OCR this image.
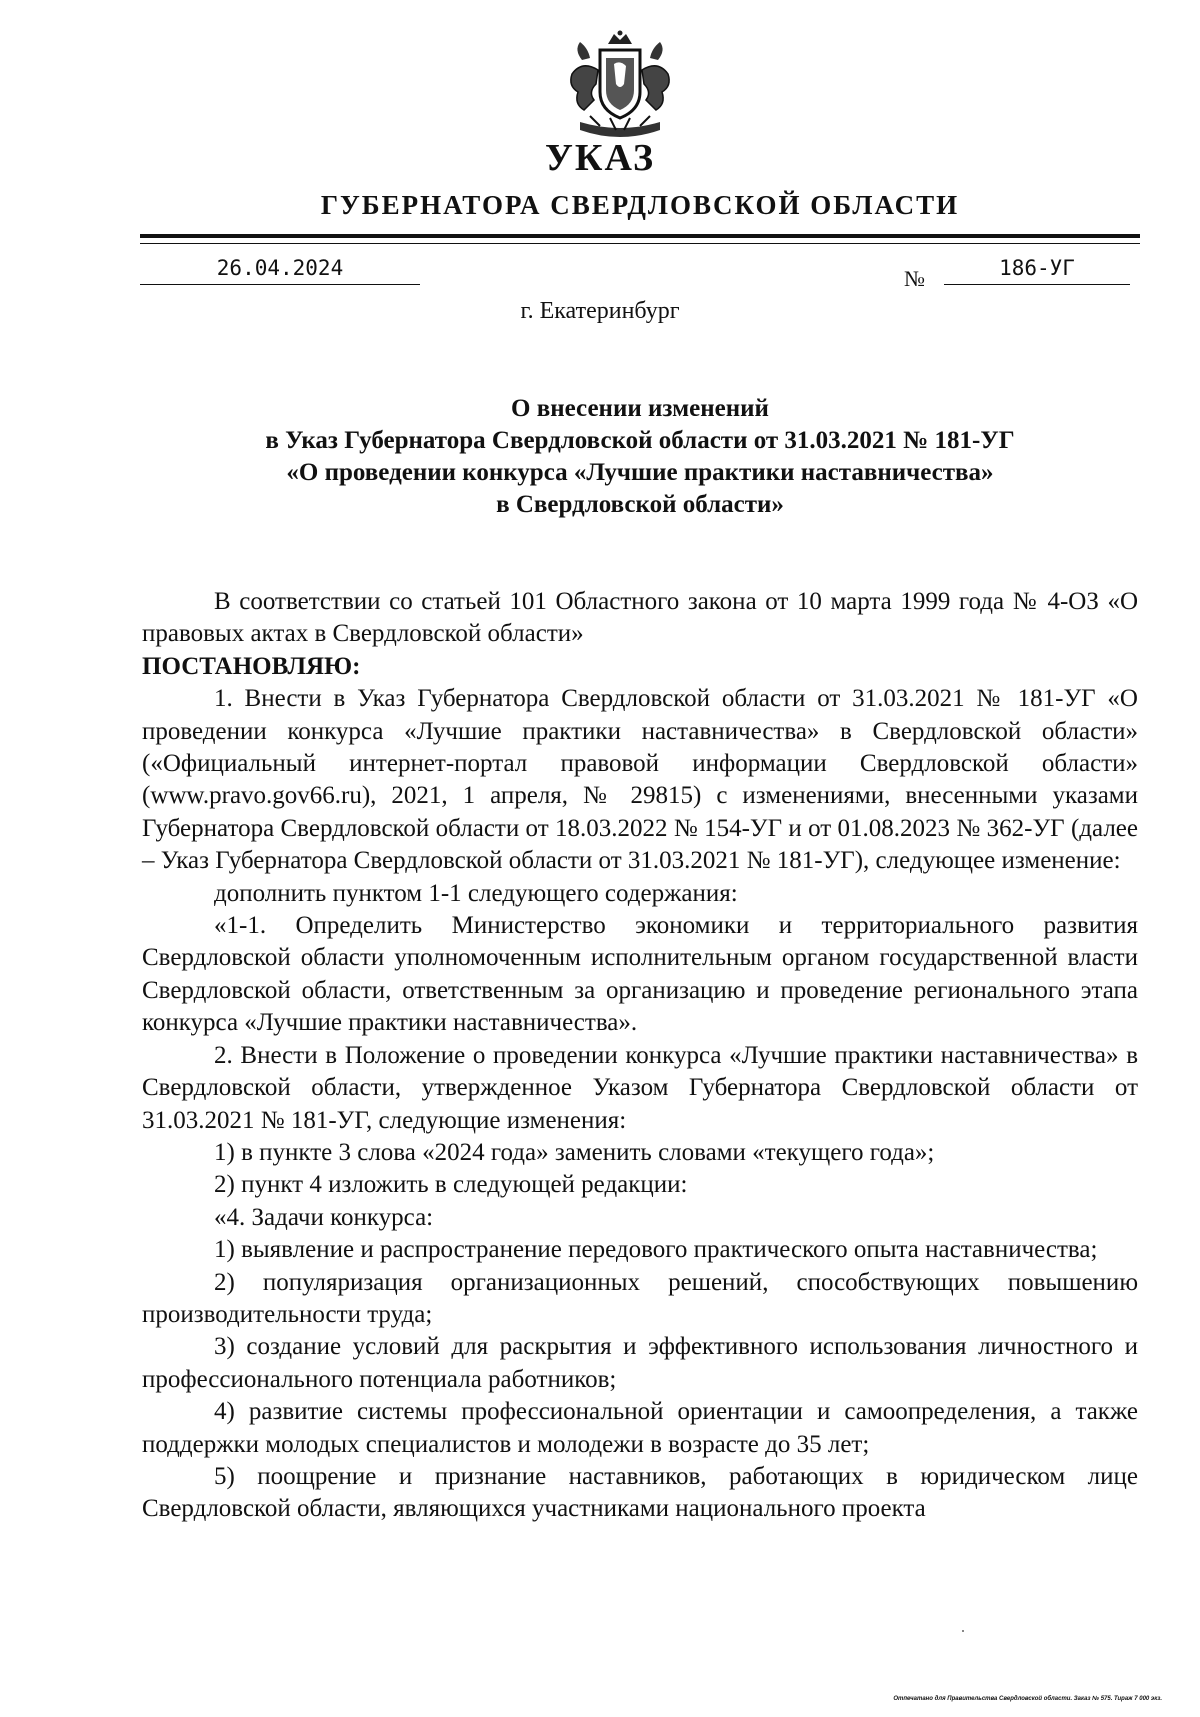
УКАЗ
ГУБЕРНАТОРА СВЕРДЛОВСКОЙ ОБЛАСТИ
26.04.2024	№	186-УГ
г. Екатеринбург
О внесении изменений
в Указ Губернатора Свердловской области от 31.03.2021 № 181-УГ
«О проведении конкурса «Лучшие практики наставничества»
в Свердловской области»

В соответствии со статьей 101 Областного закона от 10 марта 1999 года № 4-ОЗ «О правовых актах в Свердловской области»

ПОСТАНОВЛЯЮ:

1. Внести в Указ Губернатора Свердловской области от 31.03.2021 № 181-УГ «О проведении конкурса «Лучшие практики наставничества» в Свердловской области» («Официальный интернет-портал правовой информации Свердловской области» (www.pravo.gov66.ru), 2021, 1 апреля, № 29815) с изменениями, внесенными указами Губернатора Свердловской области от 18.03.2022 № 154-УГ и от 01.08.2023 № 362-УГ (далее – Указ Губернатора Свердловской области от 31.03.2021 № 181-УГ), следующее изменение:

дополнить пунктом 1-1 следующего содержания:

«1-1. Определить Министерство экономики и территориального развития Свердловской области уполномоченным исполнительным органом государственной власти Свердловской области, ответственным за организацию и проведение регионального этапа конкурса «Лучшие практики наставничества».

2. Внести в Положение о проведении конкурса «Лучшие практики наставничества» в Свердловской области, утвержденное Указом Губернатора Свердловской области от 31.03.2021 № 181-УГ, следующие изменения:

1) в пункте 3 слова «2024 года» заменить словами «текущего года»;

2) пункт 4 изложить в следующей редакции:

«4. Задачи конкурса:

1) выявление и распространение передового практического опыта наставничества;

2) популяризация организационных решений, способствующих повышению производительности труда;

3) создание условий для раскрытия и эффективного использования личностного и профессионального потенциала работников;

4) развитие системы профессиональной ориентации и самоопределения, а также поддержки молодых специалистов и молодежи в возрасте до 35 лет;

5) поощрение и признание наставников, работающих в юридическом лице Свердловской области, являющихся участниками национального проекта

Отпечатано для Правительства Свердловской области. Заказ № 575. Тираж 7 000 экз.
